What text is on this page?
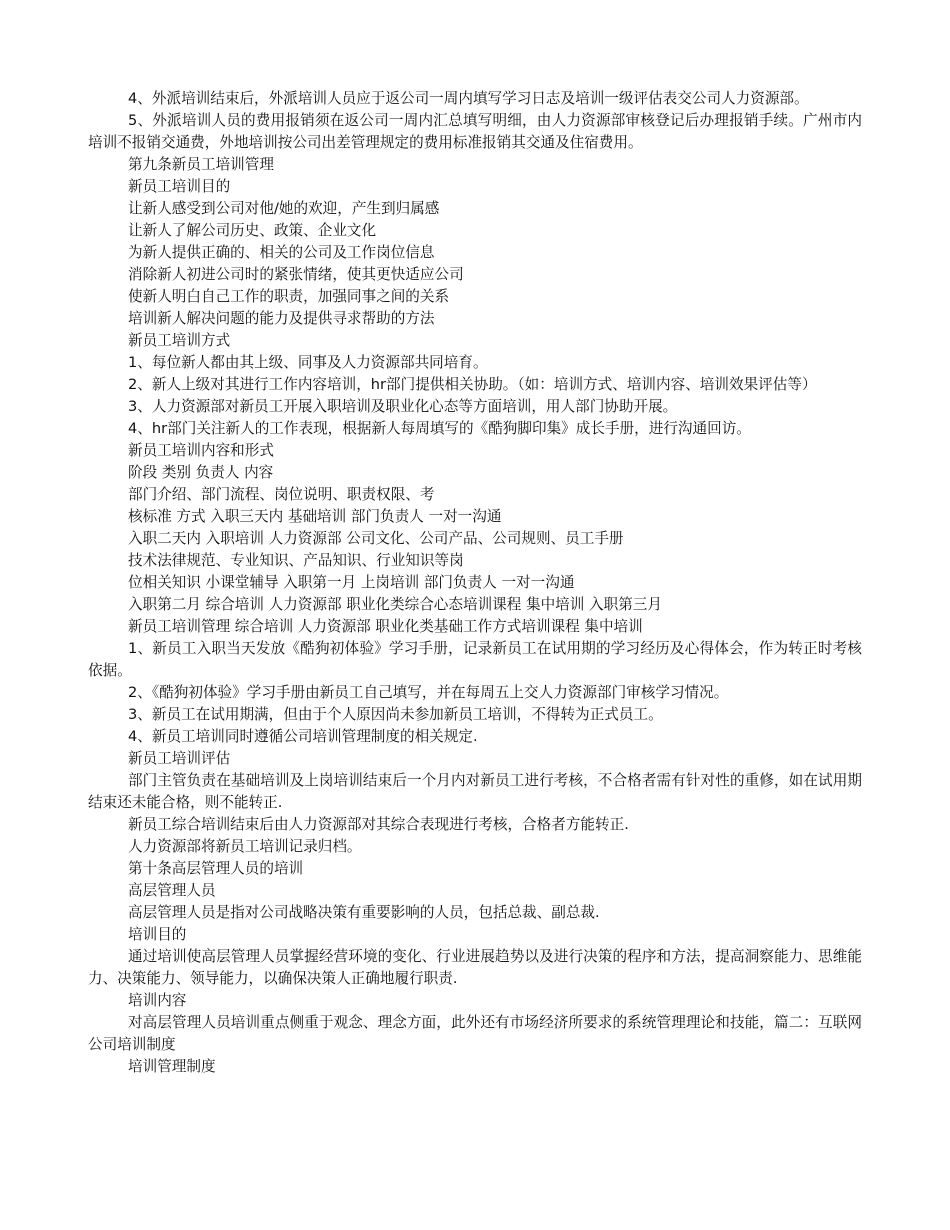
4、外派培训结束后，外派培训人员应于返公司一周内填写学习日志及培训一级评估表交公司人力资源部。

5、外派培训人员的费用报销须在返公司一周内汇总填写明细，由人力资源部审核登记后办理报销手续。广州市内培训不报销交通费，外地培训按公司出差管理规定的费用标准报销其交通及住宿费用。

第九条新员工培训管理

新员工培训目的

让新人感受到公司对他/她的欢迎，产生到归属感

让新人了解公司历史、政策、企业文化

为新人提供正确的、相关的公司及工作岗位信息

消除新人初进公司时的紧张情绪，使其更快适应公司

使新人明白自己工作的职责，加强同事之间的关系

培训新人解决问题的能力及提供寻求帮助的方法

新员工培训方式

1、每位新人都由其上级、同事及人力资源部共同培育。

2、新人上级对其进行工作内容培训，hr部门提供相关协助。（如：培训方式、培训内容、培训效果评估等）

3、人力资源部对新员工开展入职培训及职业化心态等方面培训，用人部门协助开展。

4、hr部门关注新人的工作表现，根据新人每周填写的《酷狗脚印集》成长手册，进行沟通回访。

新员工培训内容和形式

阶段 类别 负责人 内容

部门介绍、部门流程、岗位说明、职责权限、考

核标准 方式 入职三天内 基础培训 部门负责人 一对一沟通

入职二天内 入职培训 人力资源部 公司文化、公司产品、公司规则、员工手册

技术法律规范、专业知识、产品知识、行业知识等岗

位相关知识 小课堂辅导 入职第一月 上岗培训 部门负责人 一对一沟通

入职第二月 综合培训 人力资源部 职业化类综合心态培训课程 集中培训 入职第三月

新员工培训管理 综合培训 人力资源部 职业化类基础工作方式培训课程 集中培训

1、新员工入职当天发放《酷狗初体验》学习手册，记录新员工在试用期的学习经历及心得体会，作为转正时考核依据。

2、《酷狗初体验》学习手册由新员工自己填写，并在每周五上交人力资源部门审核学习情况。

3、新员工在试用期满，但由于个人原因尚未参加新员工培训，不得转为正式员工。

4、新员工培训同时遵循公司培训管理制度的相关规定.

新员工培训评估

部门主管负责在基础培训及上岗培训结束后一个月内对新员工进行考核，不合格者需有针对性的重修，如在试用期结束还未能合格，则不能转正.

新员工综合培训结束后由人力资源部对其综合表现进行考核，合格者方能转正.

人力资源部将新员工培训记录归档。

第十条高层管理人员的培训

高层管理人员

高层管理人员是指对公司战略决策有重要影响的人员，包括总裁、副总裁.

培训目的

通过培训使高层管理人员掌握经营环境的变化、行业进展趋势以及进行决策的程序和方法，提高洞察能力、思维能力、决策能力、领导能力，以确保决策人正确地履行职责.

培训内容

对高层管理人员培训重点侧重于观念、理念方面，此外还有市场经济所要求的系统管理理论和技能，篇二：互联网公司培训制度

培训管理制度
